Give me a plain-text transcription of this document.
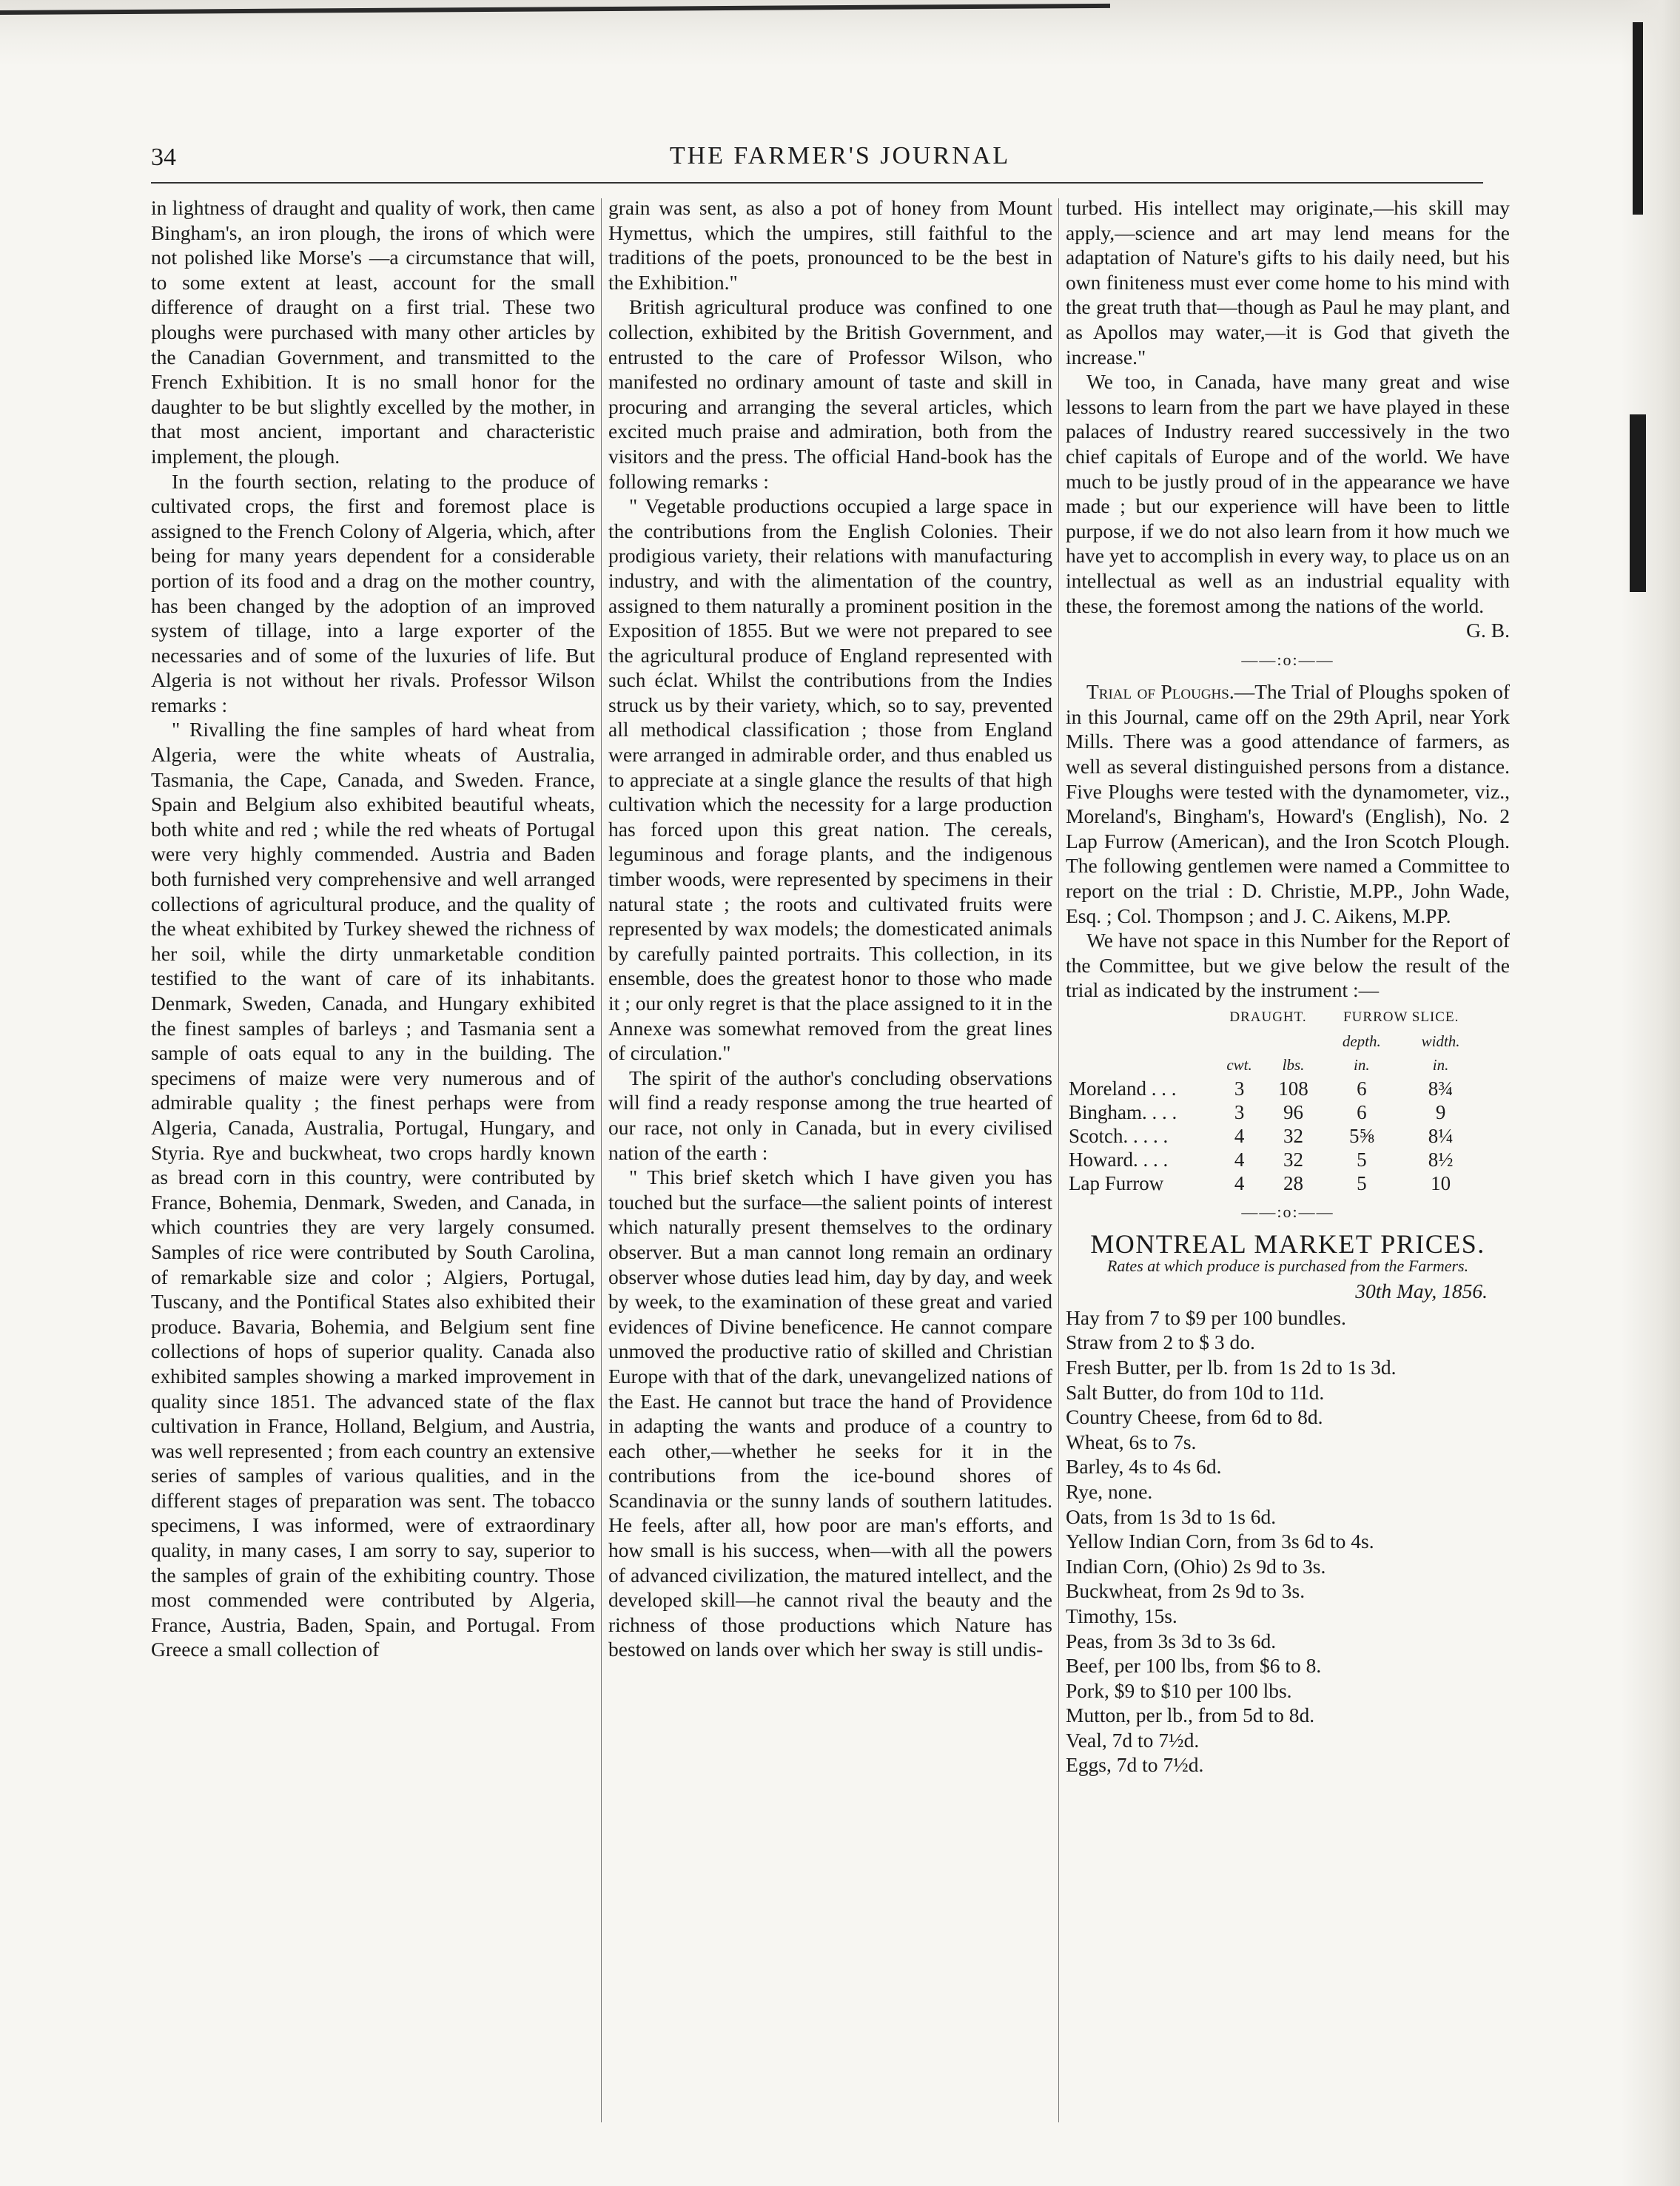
34	THE FARMER'S JOURNAL

in lightness of draught and quality of work, then came Bingham's, an iron plough, the irons of which were not polished like Morse's —a circumstance that will, to some extent at least, account for the small difference of draught on a first trial. These two ploughs were purchased with many other articles by the Canadian Government, and transmitted to the French Exhibition. It is no small honor for the daughter to be but slightly excelled by the mother, in that most ancient, important and characteristic implement, the plough.

In the fourth section, relating to the produce of cultivated crops, the first and foremost place is assigned to the French Colony of Algeria, which, after being for many years dependent for a considerable portion of its food and a drag on the mother country, has been changed by the adoption of an improved system of tillage, into a large exporter of the necessaries and of some of the luxuries of life. But Algeria is not without her rivals. Professor Wilson remarks :

" Rivalling the fine samples of hard wheat from Algeria, were the white wheats of Australia, Tasmania, the Cape, Canada, and Sweden. France, Spain and Belgium also exhibited beautiful wheats, both white and red ; while the red wheats of Portugal were very highly commended. Austria and Baden both furnished very comprehensive and well arranged collections of agricultural produce, and the quality of the wheat exhibited by Turkey shewed the richness of her soil, while the dirty unmarketable condition testified to the want of care of its inhabitants. Denmark, Sweden, Canada, and Hungary exhibited the finest samples of barleys ; and Tasmania sent a sample of oats equal to any in the building. The specimens of maize were very numerous and of admirable quality ; the finest perhaps were from Algeria, Canada, Australia, Portugal, Hungary, and Styria. Rye and buckwheat, two crops hardly known as bread corn in this country, were contributed by France, Bohemia, Denmark, Sweden, and Canada, in which countries they are very largely consumed. Samples of rice were contributed by South Carolina, of remarkable size and color ; Algiers, Portugal, Tuscany, and the Pontifical States also exhibited their produce. Bavaria, Bohemia, and Belgium sent fine collections of hops of superior quality. Canada also exhibited samples showing a marked improvement in quality since 1851. The advanced state of the flax cultivation in France, Holland, Belgium, and Austria, was well represented ; from each country an extensive series of samples of various qualities, and in the different stages of preparation was sent. The tobacco specimens, I was informed, were of extraordinary quality, in many cases, I am sorry to say, superior to the samples of grain of the exhibiting country. Those most commended were contributed by Algeria, France, Austria, Baden, Spain, and Portugal. From Greece a small collection of

grain was sent, as also a pot of honey from Mount Hymettus, which the umpires, still faithful to the traditions of the poets, pronounced to be the best in the Exhibition."

British agricultural produce was confined to one collection, exhibited by the British Government, and entrusted to the care of Professor Wilson, who manifested no ordinary amount of taste and skill in procuring and arranging the several articles, which excited much praise and admiration, both from the visitors and the press. The official Hand-book has the following remarks :

" Vegetable productions occupied a large space in the contributions from the English Colonies. Their prodigious variety, their relations with manufacturing industry, and with the alimentation of the country, assigned to them naturally a prominent position in the Exposition of 1855. But we were not prepared to see the agricultural produce of England represented with such éclat. Whilst the contributions from the Indies struck us by their variety, which, so to say, prevented all methodical classification ; those from England were arranged in admirable order, and thus enabled us to appreciate at a single glance the results of that high cultivation which the necessity for a large production has forced upon this great nation. The cereals, leguminous and forage plants, and the indigenous timber woods, were represented by specimens in their natural state ; the roots and cultivated fruits were represented by wax models; the domesticated animals by carefully painted portraits. This collection, in its ensemble, does the greatest honor to those who made it ; our only regret is that the place assigned to it in the Annexe was somewhat removed from the great lines of circulation."

The spirit of the author's concluding observations will find a ready response among the true hearted of our race, not only in Canada, but in every civilised nation of the earth :

" This brief sketch which I have given you has touched but the surface—the salient points of interest which naturally present themselves to the ordinary observer. But a man cannot long remain an ordinary observer whose duties lead him, day by day, and week by week, to the examination of these great and varied evidences of Divine beneficence. He cannot compare unmoved the productive ratio of skilled and Christian Europe with that of the dark, unevangelized nations of the East. He cannot but trace the hand of Providence in adapting the wants and produce of a country to each other,—whether he seeks for it in the contributions from the ice-bound shores of Scandinavia or the sunny lands of southern latitudes. He feels, after all, how poor are man's efforts, and how small is his success, when—with all the powers of advanced civilization, the matured intellect, and the developed skill—he cannot rival the beauty and the richness of those productions which Nature has bestowed on lands over which her sway is still undis-

turbed. His intellect may originate,—his skill may apply,—science and art may lend means for the adaptation of Nature's gifts to his daily need, but his own finiteness must ever come home to his mind with the great truth that—though as Paul he may plant, and as Apollos may water,—it is God that giveth the increase."

We too, in Canada, have many great and wise lessons to learn from the part we have played in these palaces of Industry reared successively in the two chief capitals of Europe and of the world. We have much to be justly proud of in the appearance we have made ; but our experience will have been to little purpose, if we do not also learn from it how much we have yet to accomplish in every way, to place us on an intellectual as well as an industrial equality with these, the foremost among the nations of the world.

G. B.
——:o:——

Trial of Ploughs.—The Trial of Ploughs spoken of in this Journal, came off on the 29th April, near York Mills. There was a good attendance of farmers, as well as several distinguished persons from a distance. Five Ploughs were tested with the dynamometer, viz., Moreland's, Bingham's, Howard's (English), No. 2 Lap Furrow (American), and the Iron Scotch Plough. The following gentlemen were named a Committee to report on the trial : D. Christie, M.PP., John Wade, Esq. ; Col. Thompson ; and J. C. Aikens, M.PP.

We have not space in this Number for the Report of the Committee, but we give below the result of the trial as indicated by the instrument :—

	DRAUGHT.		FURROW SLICE.	
			depth.	width.
	cwt.	lbs.	in.	in.
Moreland . . .	3	108	6	8¾
Bingham. . . .	3	96	6	9
Scotch. . . . .	4	32	5⅝	8¼
Howard. . . .	4	32	5	8½
Lap Furrow	4	28	5	10
——:o:——
MONTREAL MARKET PRICES.
Rates at which produce is purchased from the Farmers.
30th May, 1856.
Hay from 7 to $9 per 100 bundles.
Straw from 2 to $ 3 do.
Fresh Butter, per lb. from 1s 2d to 1s 3d.
Salt Butter, do from 10d to 11d.
Country Cheese, from 6d to 8d.
Wheat, 6s to 7s.
Barley, 4s to 4s 6d.
Rye, none.
Oats, from 1s 3d to 1s 6d.
Yellow Indian Corn, from 3s 6d to 4s.
Indian Corn, (Ohio) 2s 9d to 3s.
Buckwheat, from 2s 9d to 3s.
Timothy, 15s.
Peas, from 3s 3d to 3s 6d.
Beef, per 100 lbs, from $6 to 8.
Pork, $9 to $10 per 100 lbs.
Mutton, per lb., from 5d to 8d.
Veal, 7d to 7½d.
Eggs, 7d to 7½d.
